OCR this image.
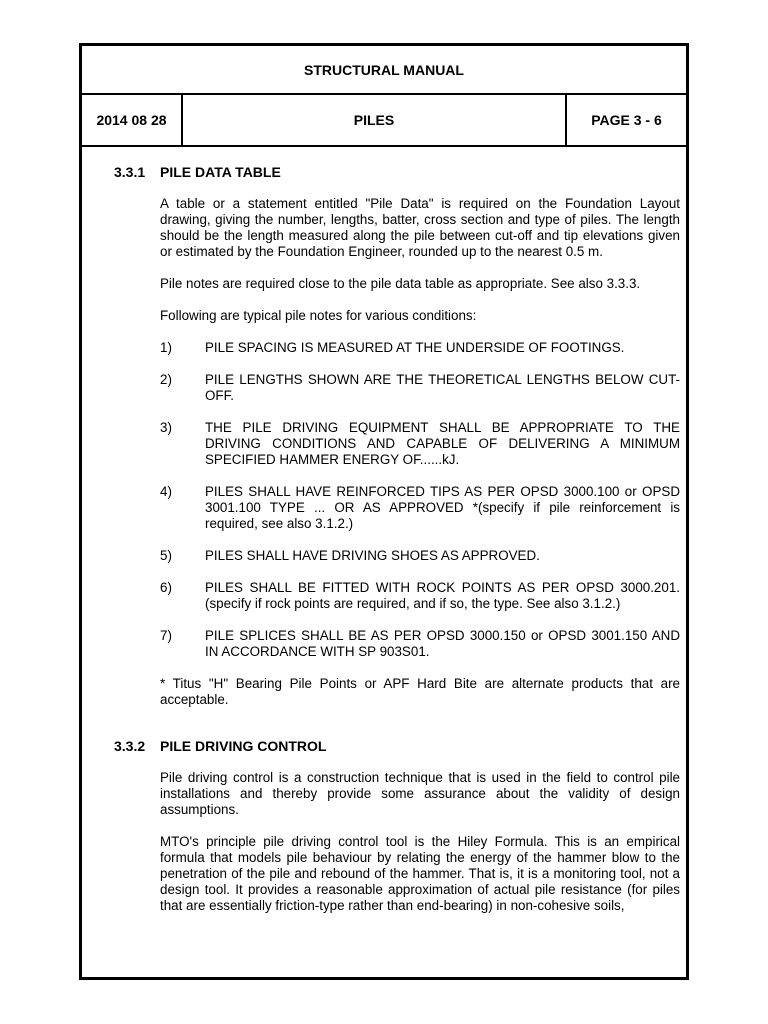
STRUCTURAL MANUAL
2014 08 28	PILES	PAGE 3 - 6
3.3.1	PILE DATA TABLE

A table or a statement entitled "Pile Data" is required on the Foundation Layout drawing, giving the number, lengths, batter, cross section and type of piles. The length should be the length measured along the pile between cut-off and tip elevations given or estimated by the Foundation Engineer, rounded up to the nearest 0.5 m.

Pile notes are required close to the pile data table as appropriate. See also 3.3.3.

Following are typical pile notes for various conditions:

1)	PILE SPACING IS MEASURED AT THE UNDERSIDE OF FOOTINGS.
2)	PILE LENGTHS SHOWN ARE THE THEORETICAL LENGTHS BELOW CUT-OFF.
3)	THE PILE DRIVING EQUIPMENT SHALL BE APPROPRIATE TO THE DRIVING CONDITIONS AND CAPABLE OF DELIVERING A MINIMUM SPECIFIED HAMMER ENERGY OF......kJ.
4)	PILES SHALL HAVE REINFORCED TIPS AS PER OPSD 3000.100 or OPSD 3001.100 TYPE ... OR AS APPROVED *(specify if pile reinforcement is required, see also 3.1.2.)
5)	PILES SHALL HAVE DRIVING SHOES AS APPROVED.
6)	PILES SHALL BE FITTED WITH ROCK POINTS AS PER OPSD 3000.201. (specify if rock points are required, and if so, the type. See also 3.1.2.)
7)	PILE SPLICES SHALL BE AS PER OPSD 3000.150 or OPSD 3001.150 AND IN ACCORDANCE WITH SP 903S01.

* Titus "H" Bearing Pile Points or APF Hard Bite are alternate products that are acceptable.

3.3.2	PILE DRIVING CONTROL

Pile driving control is a construction technique that is used in the field to control pile installations and thereby provide some assurance about the validity of design assumptions.

MTO's principle pile driving control tool is the Hiley Formula. This is an empirical formula that models pile behaviour by relating the energy of the hammer blow to the penetration of the pile and rebound of the hammer. That is, it is a monitoring tool, not a design tool. It provides a reasonable approximation of actual pile resistance (for piles that are essentially friction-type rather than end-bearing) in non-cohesive soils,
